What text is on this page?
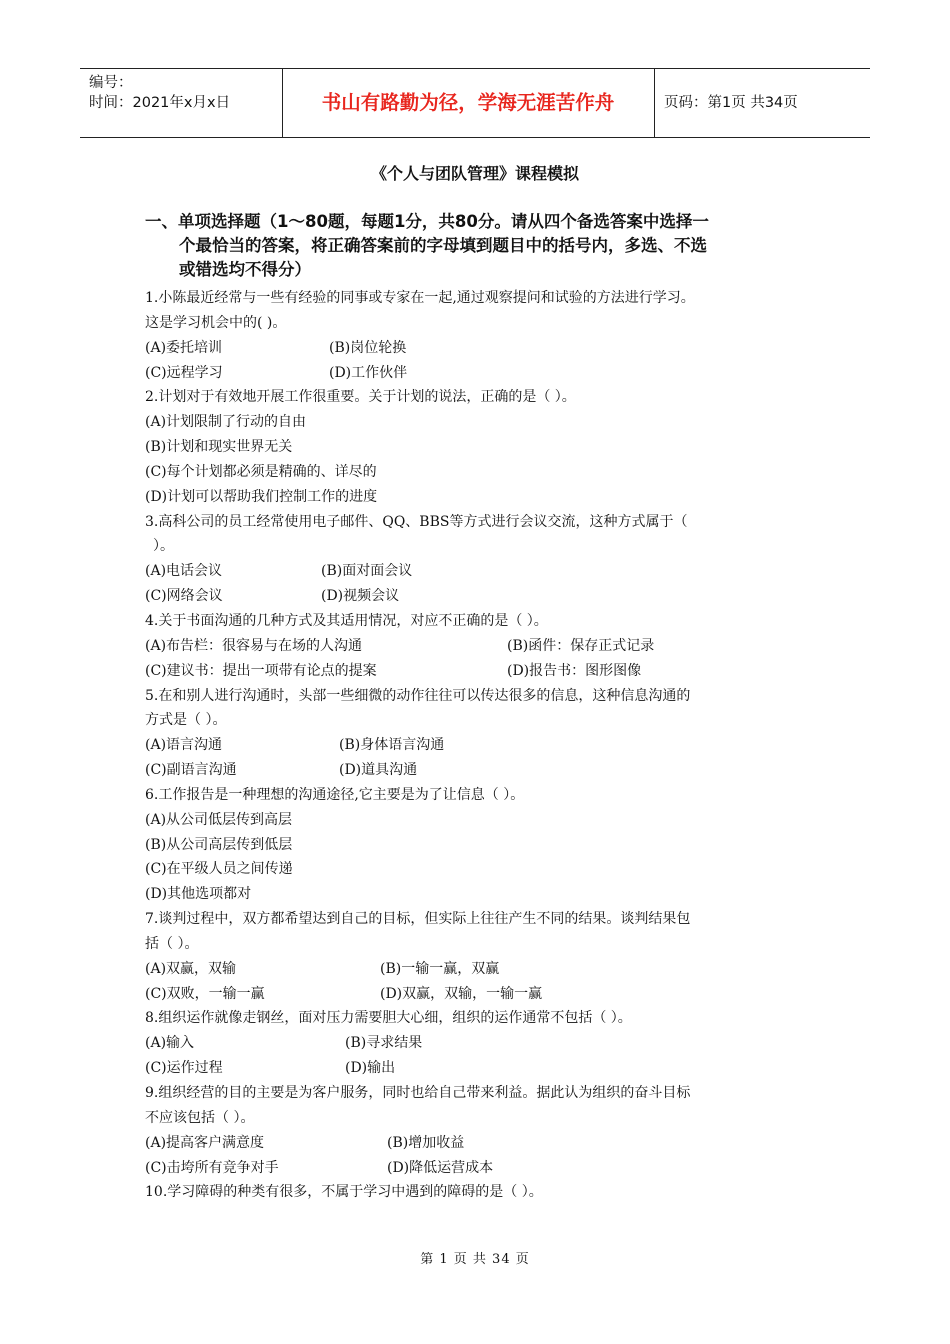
编号：
时间：2021年x月x日	书山有路勤为径，学海无涯苦作舟	页码：第1页 共34页
《个人与团队管理》课程模拟
一、单项选择题（1～80题，每题1分，共80分。请从四个备选答案中选择一
个最恰当的答案，将正确答案前的字母填到题目中的括号内，多选、不选
或错选均不得分）
1.小陈最近经常与一些有经验的同事或专家在一起,通过观察提问和试验的方法进行学习。
这是学习机会中的( )。
(A)委托培训	(B)岗位轮换
(C)远程学习	(D)工作伙伴
2.计划对于有效地开展工作很重要。关于计划的说法，正确的是（ ）。
(A)计划限制了行动的自由
(B)计划和现实世界无关
(C)每个计划都必须是精确的、详尽的
(D)计划可以帮助我们控制工作的进度
3.高科公司的员工经常使用电子邮件、QQ、BBS等方式进行会议交流，这种方式属于（
）。
(A)电话会议	(B)面对面会议
(C)网络会议	(D)视频会议
4.关于书面沟通的几种方式及其适用情况，对应不正确的是（ ）。
(A)布告栏：很容易与在场的人沟通	(B)函件：保存正式记录
(C)建议书：提出一项带有论点的提案	(D)报告书：图形图像
5.在和别人进行沟通时，头部一些细微的动作往往可以传达很多的信息，这种信息沟通的
方式是（ ）。
(A)语言沟通	(B)身体语言沟通
(C)副语言沟通	(D)道具沟通
6.工作报告是一种理想的沟通途径,它主要是为了让信息（ ）。
(A)从公司低层传到高层
(B)从公司高层传到低层
(C)在平级人员之间传递
(D)其他选项都对
7.谈判过程中，双方都希望达到自己的目标，但实际上往往产生不同的结果。谈判结果包
括（ ）。
(A)双赢，双输	(B)一输一赢，双赢
(C)双败，一输一赢	(D)双赢，双输，一输一赢
8.组织运作就像走钢丝，面对压力需要胆大心细，组织的运作通常不包括（ ）。
(A)输入	(B)寻求结果
(C)运作过程	(D)输出
9.组织经营的目的主要是为客户服务，同时也给自己带来利益。据此认为组织的奋斗目标
不应该包括（ ）。
(A)提高客户满意度	(B)增加收益
(C)击垮所有竞争对手	(D)降低运营成本
10.学习障碍的种类有很多，不属于学习中遇到的障碍的是（ ）。
第 1 页 共 34 页
